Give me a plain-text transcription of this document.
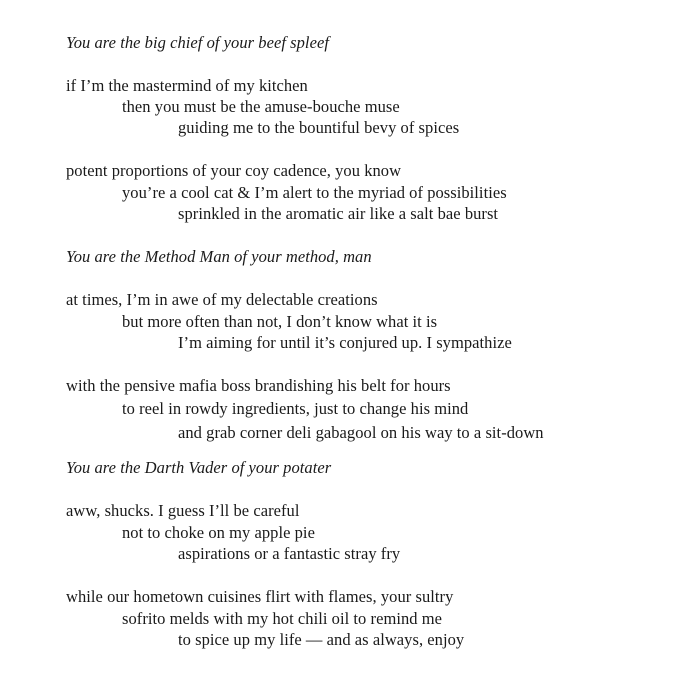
You are the big chief of your beef spleef
if I’m the mastermind of my kitchen
then you must be the amuse-bouche muse
guiding me to the bountiful bevy of spices
potent proportions of your coy cadence, you know
you’re a cool cat & I’m alert to the myriad of possibilities
sprinkled in the aromatic air like a salt bae burst
You are the Method Man of your method, man
at times, I’m in awe of my delectable creations
but more often than not, I don’t know what it is
I’m aiming for until it’s conjured up. I sympathize
with the pensive mafia boss brandishing his belt for hours
to reel in rowdy ingredients, just to change his mind
and grab corner deli gabagool on his way to a sit-down
You are the Darth Vader of your potater
aww, shucks. I guess I’ll be careful
not to choke on my apple pie
aspirations or a fantastic stray fry
while our hometown cuisines flirt with flames, your sultry
sofrito melds with my hot chili oil to remind me
to spice up my life — and as always, enjoy
